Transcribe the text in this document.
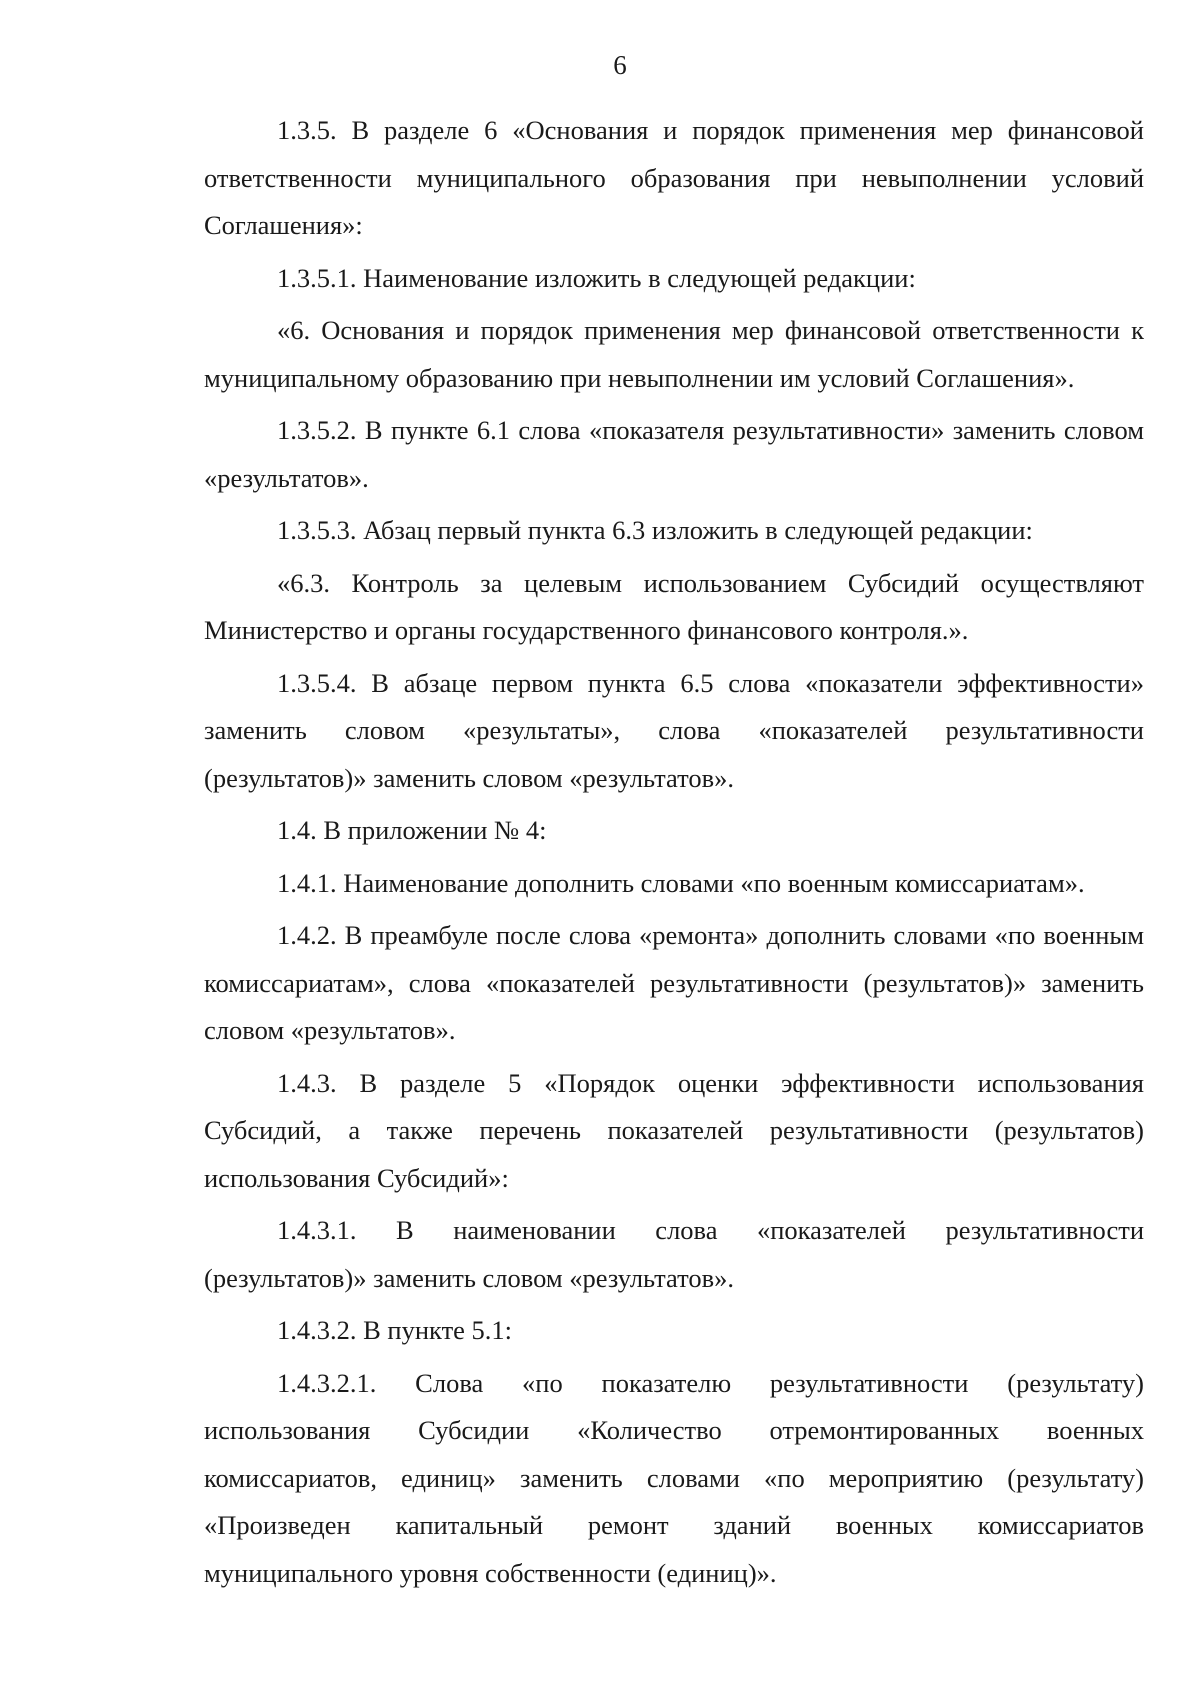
6

1.3.5. В разделе 6 «Основания и порядок применения мер финансовой ответственности муниципального образования при невыполнении условий Соглашения»:

1.3.5.1. Наименование изложить в следующей редакции:

«6. Основания и порядок применения мер финансовой ответственности к муниципальному образованию при невыполнении им условий Соглашения».

1.3.5.2. В пункте 6.1 слова «показателя результативности» заменить словом «результатов».

1.3.5.3. Абзац первый пункта 6.3 изложить в следующей редакции:

«6.3. Контроль за целевым использованием Субсидий осуществляют Министерство и органы государственного финансового контроля.».

1.3.5.4. В абзаце первом пункта 6.5 слова «показатели эффективности» заменить словом «результаты», слова «показателей результативности (результатов)» заменить словом «результатов».

1.4. В приложении № 4:

1.4.1. Наименование дополнить словами «по военным комиссариатам».

1.4.2. В преамбуле после слова «ремонта» дополнить словами «по военным комиссариатам», слова «показателей результативности (результатов)» заменить словом «результатов».

1.4.3. В разделе 5 «Порядок оценки эффективности использования Субсидий, а также перечень показателей результативности (результатов) использования Субсидий»:

1.4.3.1. В наименовании слова «показателей результативности (результатов)» заменить словом «результатов».

1.4.3.2. В пункте 5.1:

1.4.3.2.1. Слова «по показателю результативности (результату) использования Субсидии «Количество отремонтированных военных комиссариатов, единиц» заменить словами «по мероприятию (результату) «Произведен капитальный ремонт зданий военных комиссариатов муниципального уровня собственности (единиц)».
